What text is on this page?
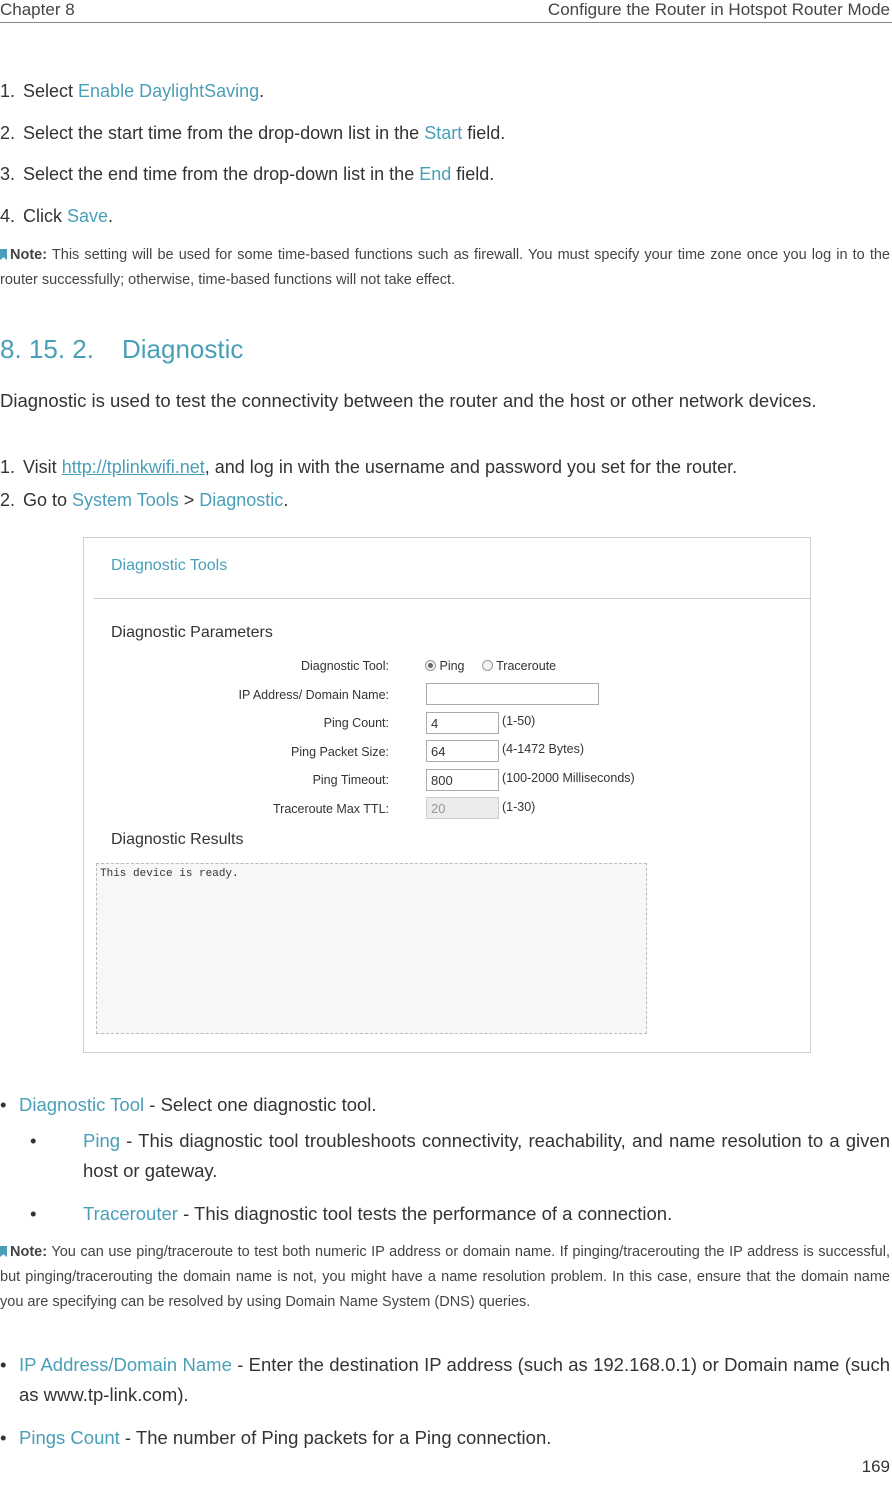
Chapter 8	Configure the Router in Hotspot Router Mode
1. Select Enable DaylightSaving.
2. Select the start time from the drop-down list in the Start field.
3. Select the end time from the drop-down list in the End field.
4. Click Save.
Note: This setting will be used for some time-based functions such as firewall. You must specify your time zone once you log in to the router successfully; otherwise, time-based functions will not take effect.
8. 15. 2. Diagnostic
Diagnostic is used to test the connectivity between the router and the host or other network devices.
1. Visit http://tplinkwifi.net, and log in with the username and password you set for the router.
2. Go to System Tools > Diagnostic.
Diagnostic Tools
Diagnostic Parameters
Diagnostic Tool:	Ping	Traceroute
IP Address/ Domain Name:
Ping Count:
4	(1-50)
Ping Packet Size:
64	(4-1472 Bytes)
Ping Timeout:
800	(100-2000 Milliseconds)
Traceroute Max TTL:
20	(1-30)
Diagnostic Results
This device is ready.
• Diagnostic Tool - Select one diagnostic tool.
•	Ping - This diagnostic tool troubleshoots connectivity, reachability, and name resolution to a given host or gateway.
•	Tracerouter - This diagnostic tool tests the performance of a connection.
Note: You can use ping/traceroute to test both numeric IP address or domain name. If pinging/tracerouting the IP address is successful, but pinging/tracerouting the domain name is not, you might have a name resolution problem. In this case, ensure that the domain name you are specifying can be resolved by using Domain Name System (DNS) queries.
• IP Address/Domain Name - Enter the destination IP address (such as 192.168.0.1) or Domain name (such as www.tp-link.com).
• Pings Count - The number of Ping packets for a Ping connection.
169
